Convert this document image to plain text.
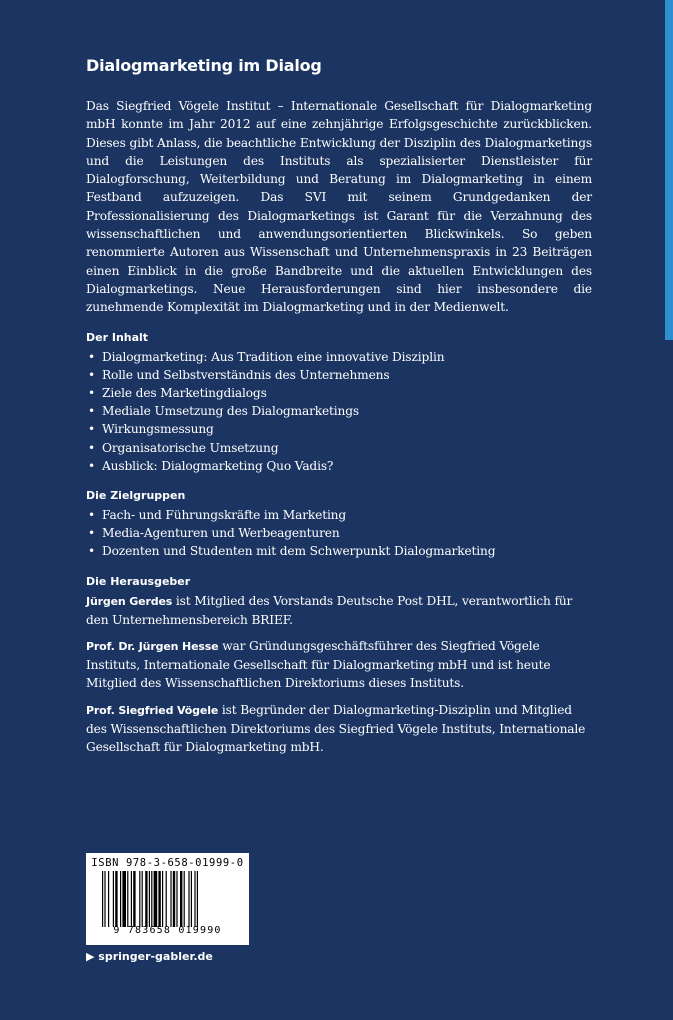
Dialogmarketing im Dialog

Das Siegfried Vögele Institut – Internationale Gesellschaft für Dialogmarketing mbH konnte im Jahr 2012 auf eine zehnjährige Erfolgsgeschichte zurückblicken. Dieses gibt Anlass, die beachtliche Entwicklung der Disziplin des Dialogmarketings und die Leistungen des Instituts als spezialisierter Dienstleister für Dialogforschung, Weiterbildung und Beratung im Dialogmarketing in einem Festband aufzuzeigen. Das SVI mit seinem Grundgedanken der Professionalisierung des Dialogmarketings ist Garant für die Verzahnung des wissenschaftlichen und anwendungsorientierten Blickwinkels. So geben renommierte Autoren aus Wissenschaft und Unternehmenspraxis in 23 Beiträgen einen Einblick in die große Bandbreite und die aktuellen Entwicklungen des Dialogmarketings. Neue Herausforderungen sind hier insbesondere die zunehmende Komplexität im Dialogmarketing und in der Medienwelt.

Der Inhalt
• Dialogmarketing: Aus Tradition eine innovative Disziplin
• Rolle und Selbstverständnis des Unternehmens
• Ziele des Marketingdialogs
• Mediale Umsetzung des Dialogmarketings
• Wirkungsmessung
• Organisatorische Umsetzung
• Ausblick: Dialogmarketing Quo Vadis?
Die Zielgruppen
• Fach- und Führungskräfte im Marketing
• Media-Agenturen und Werbeagenturen
• Dozenten und Studenten mit dem Schwerpunkt Dialogmarketing
Die Herausgeber

Jürgen Gerdes ist Mitglied des Vorstands Deutsche Post DHL, verantwortlich für den Unternehmensbereich BRIEF.

Prof. Dr. Jürgen Hesse war Gründungsgeschäftsführer des Siegfried Vögele Instituts, Internationale Gesellschaft für Dialogmarketing mbH und ist heute Mitglied des Wissenschaftlichen Direktoriums dieses Instituts.

Prof. Siegfried Vögele ist Begründer der Dialogmarketing-Disziplin und Mitglied des Wissenschaftlichen Direktoriums des Siegfried Vögele Instituts, Internationale Gesellschaft für Dialogmarketing mbH.

ISBN 978-3-658-01999-0
9 783658 019990
▶ springer-gabler.de
